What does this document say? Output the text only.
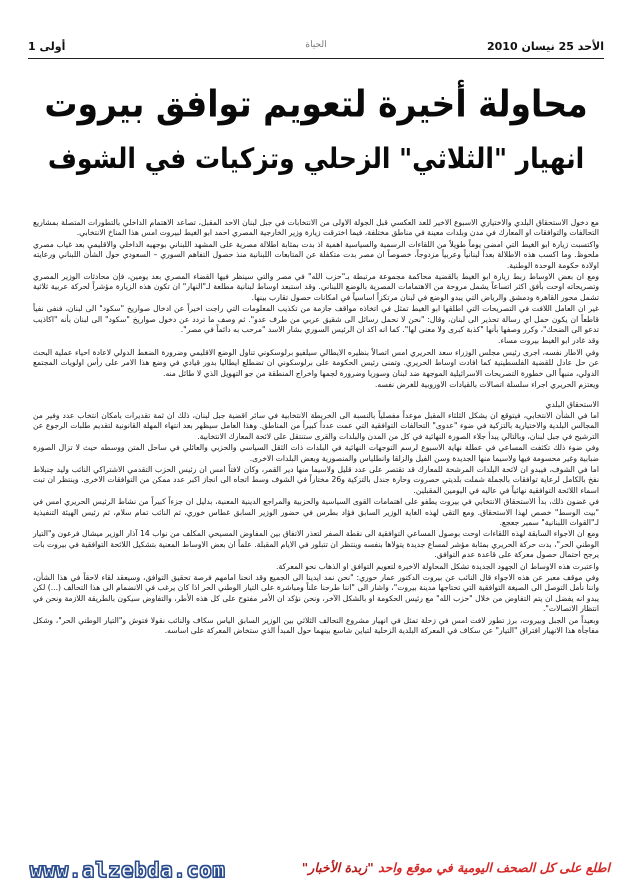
الأحد 25 نيسان 2010
الحياة
أولى 1
محاولة أخيرة لتعويم توافق بيروت
انهيار "الثلاثي" الزحلي وتزكيات في الشوف

مع دخول الاستحقاق البلدي والاختياري الاسبوع الاخير للعد العكسي قبل الجولة الاولى من الانتخابات في جبل لبنان الاحد المقبل، تصاعد الاهتمام الداخلي بالتطورات المتصلة بمشاريع التحالفات والتوافقات او المعارك في مدن وبلدات معينة في مناطق مختلفة، فيما اخترقت زيارة وزير الخارجية المصري احمد ابو الغيط لبيروت امس هذا المناخ الانتخابي.

واكتسبت زيارة ابو الغيط التي امضى يوماً طويلاً من اللقاءات الرسمية والسياسية اهمية اذ بدت بمثابة اطلالة مصرية على المشهد اللبناني بوجهيه الداخلي والاقليمي بعد غياب مصري ملحوظ. وما اكسب هذه الاطلالة بعداً لبنانياً وعربياً مزدوجاً، خصوصاً ان مصر بدت متكفلة عن المتابعات اللبنانية منذ حصول التفاهم السوري – السعودي حول الشأن اللبناني ورعايته اولادة حكومة الوحدة الوطنية.

ومع ان بعض الاوساط ربط زيارة ابو الغيط بالقضية محاكمة مجموعة مرتبطة بـ"حزب الله" في مصر والتي سينظر فيها القضاء المصري بعد يومين، فإن محادثات الوزير المصري وتصريحاته اوحت بأفق اكثر اتساعاً يشمل مروحة من الاهتمامات المصرية بالوضع اللبناني. وقد استبعد اوساط لبنانية مطلعة لـ"النهار" ان تكون هذه الزيارة مؤشراً لحركة عربية ثلاثية تشمل محور القاهرة ودمشق والرياض التي يبدو الوضع في لبنان مرتكزاً اساسياً في امكانات حصول تقارب بينها.

غير ان العامل اللافت في التصريحات التي اطلقها ابو الغيط تمثل في اتخاذه مواقف جازمة من تكذيب المعلومات التي راجت اخيراً عن ادخال صواريخ "سكود" الى لبنان، فنفى نفياً قاطعاً ان يكون حمل اي رسالة تحذير الى لبنان، وقال: "نحن لا نحمل رسائل الى شقيق عربي من طرف عدو". ثم وصف ما تردد عن دخول صواريخ "سكود" الى لبنان بأنه "اكاذيب تدعو الى الضحك"، وكرر وصفها بأنها "كذبة كبرى ولا معنى لها". كما انه اكد ان الرئيس السوري بشار الاسد "مرحب به دائماً في مصر".

وقد غادر ابو الغيط بيروت مساء.

وفي الاطار نفسه، اجرى رئيس مجلس الوزراء سعد الحريري امس اتصالاً بنظيره الايطالي سيلفيو برلوسكوني تناول الوضع الاقليمي وضرورة الضغط الدولي لاعادة احياء عملية البحث عن حل عادل للقضية الفلسطينية كما افادت اوساط الحريري. وتمنى رئيس الحكومة على برلوسكوني ان تضطلع ايطاليا بدور قيادي في وضع هذا الامر على رأس اولويات المجتمع الدولي، منبهاً الى خطورة التصريحات الاسرائيلية الموجهة ضد لبنان وسوريا وضرورة لجمها واخراج المنطقة من جو التهويل الذي لا طائل منه.

ويعتزم الحريري اجراء سلسلة اتصالات بالقيادات الاوروبية للغرض نفسه.

الاستحقاق البلدي

اما في الشأن الانتخابي، فيتوقع ان يشكل الثلثاء المقبل موعداً مفصلياً بالنسبة الى الخريطة الانتخابية في سائر اقضية جبل لبنان، ذلك ان ثمة تقديرات بامكان انتخاب عدد وفير من المجالس البلدية والاختيارية بالتزكية في ضوء "عدوى" التحالفات التوافقية التي عمت عدداً كبيراً من المناطق. وهذا العامل سيظهر بعد انتهاء المهلة القانونية لتقديم طلبات الرجوع عن الترشيح في جبل لبنان، وبالتالي يبدأ جلاء الصورة النهائية في كل من المدن والبلدات والقرى ستنتقل على لائحة المعارك الانتخابية.

وفي ضوء ذلك تكثفت المساعي في عطلة نهاية الاسبوع لرسم التوجهات النهائية في البلدات ذات الثقل السياسي والحزبي والعائلي في ساحل المتن ووسطه حيث لا تزال الصورة ضبابية وغير محسومة فيها ولاسيما منها الجديدة وسن الفيل والزلقا وانطلياس والمنصورية وبعض البلدات الاخرى.

اما في الشوف، فيبدو ان لائحة البلدات المرشحة للمعارك قد تقتصر على عدد قليل ولاسيما منها دير القمر، وكان لافتاً امس ان رئيس الحزب التقدمي الاشتراكي النائب وليد جنبلاط نفخ بالكامل لرعاية توافقات بالجملة شملت بلديتي حصروت وحارة جندل بالتزكية و26 مختاراً في الشوف وسط اتجاه الى انجاز اكبر عدد ممكن من التوافقات الاخرى. وينتظر ان تبت اسماء اللائحة التوافقية نهائياً في عاليه في اليومين المقبلين.

في غضون ذلك، بدأ الاستحقاق الانتخابي في بيروت يطفو على اهتمامات القوى السياسية والحزبية والمراجع الدينية المعنية، بدليل ان جزءاً كبيراً من نشاط الرئيس الحريري امس في "بيت الوسط" خصص لهذا الاستحقاق. ومع التقى لهذه الغاية الوزير السابق فؤاد بطرس في حضور الوزير السابق غطاس خوري، ثم النائب تمام سلام، ثم رئيس الهيئة التنفيذية لـ"القوات اللبنانية" سمير جعجع.

ومع ان الاجواء السابقة لهذه اللقاءات اوحت بوصول المساعي التوافقية الى نقطة الصفر لتعذر الاتفاق بين المفاوض المسيحي المكلف من نواب 14 آذار الوزير ميشال فرعون و"التيار الوطني الحر"، بدت حركة الحريري بمثابة مؤشر لمساع جديدة يتولاها بنفسه وينتظر ان تتبلور في الايام المقبلة. علماً ان بعض الاوساط المعنية بتشكيل اللائحة التوافقية في بيروت بات يرجح احتمال حصول معركة على قاعدة عدم التوافق.

واعتبرت هذه الاوساط ان الجهود الجديدة تشكل المحاولة الاخيرة لتعويم التوافق او الذهاب نحو المعركة.

وفي موقف معبر عن هذه الاجواء قال النائب عن بيروت الدكتور عمار حوري: "نحن نمد ايدينا الى الجميع وقد انحنا امامهم فرصة تحقيق التوافق، وسيعقد لقاء لاحقاً في هذا الشأن، واننا نأمل التوصل الى الصيغة التوافقية التي تحتاجها مدينة بيروت"، واشار الى "اننا طرحنا علناً ومباشرة على التيار الوطني الحر اذا كان يرغب في الانضمام الى هذا التحالف (...) لكن يبدو انه يفضل ان يتم التفاوض من خلال "حزب الله" مع رئيس الحكومة او بالشكل الآخر، ونحن نؤكد ان الأمر مفتوح على كل هذه الأطر، والتفاوض سيكون بالطريقة اللازمة ونحن في انتظار الاتصالات".

وبعيداً من الجبل وبيروت، برز تطور لافت امس في زحلة تمثل في انهيار مشروع التحالف الثلاثي بين الوزير السابق الياس سكاف والنائب نقولا فتوش و"التيار الوطني الحر"، وشكل مفاجأة هذا الانهيار افتراق "التيار" عن سكاف في المعركة البلدية الزحلية لتباين شاسع بينهما حول المبدأ الذي ستخاض المعركة على اساسه.

www.alzebda.com	اطلع على كل الصحف اليومية في موقع واحد "زبدة الأخبار"
